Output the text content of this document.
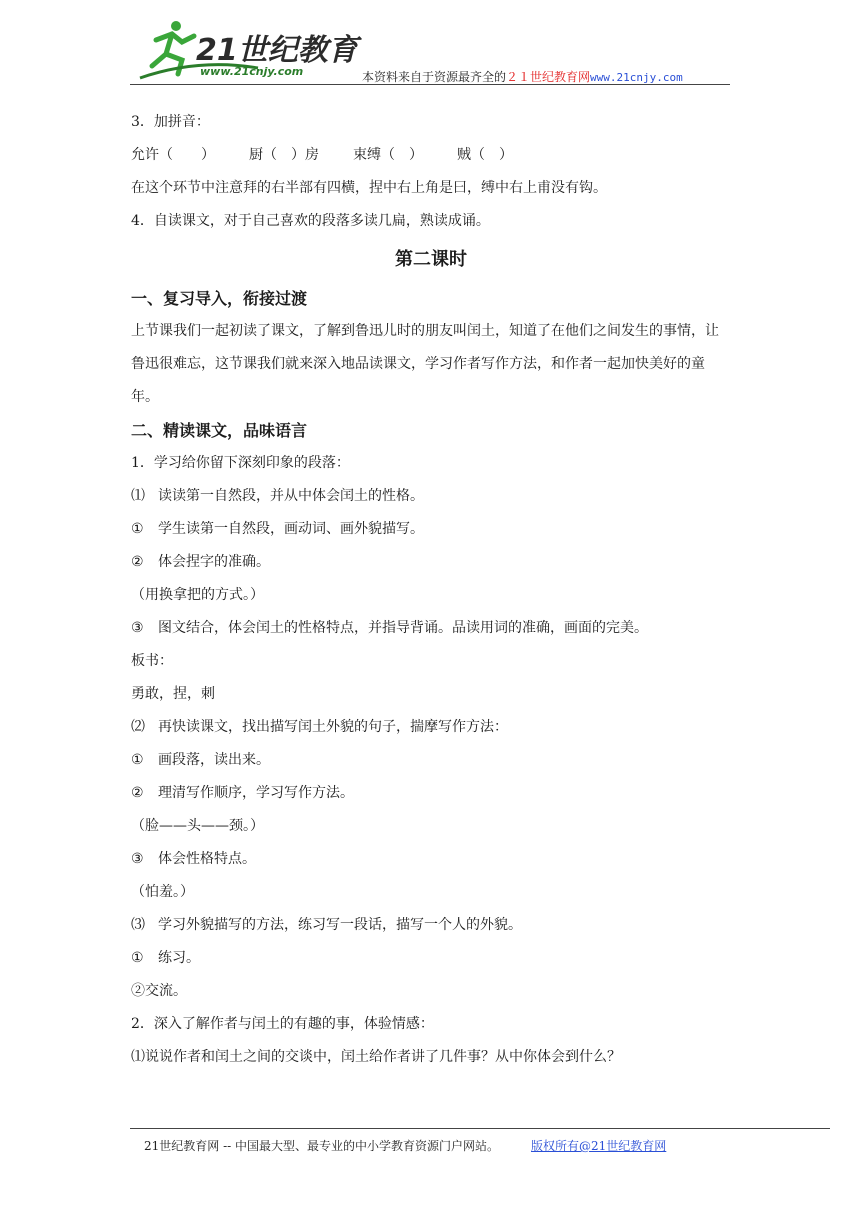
21世纪教育
www.21cnjy.com	本资料来自于资源最齐全的２１世纪教育网www.21cnjy.com
3．加拼音：
允许（　　） 厨（　）房 束缚（　） 贼（　）
在这个环节中注意拜的右半部有四横，捏中右上角是曰，缚中右上甫没有钩。
4．自读课文，对于自己喜欢的段落多读几扁，熟读成诵。
第二课时
一、复习导入，衔接过渡
上节课我们一起初读了课文，了解到鲁迅儿时的朋友叫闰土，知道了在他们之间发生的事情，让鲁迅很难忘，这节课我们就来深入地品读课文，学习作者写作方法，和作者一起加快美好的童年。
二、精读课文，品味语言
1．学习给你留下深刻印象的段落：
⑴ 读读第一自然段，并从中体会闰土的性格。
① 学生读第一自然段，画动词、画外貌描写。
② 体会捏字的准确。
（用换拿把的方式。）
③ 图文结合，体会闰土的性格特点，并指导背诵。品读用词的准确，画面的完美。
板书：
勇敢，捏，刺
⑵ 再快读课文，找出描写闰土外貌的句子，揣摩写作方法：
① 画段落，读出来。
② 理清写作顺序，学习写作方法。
（脸——头——颈。）
③ 体会性格特点。
（怕羞。）
⑶ 学习外貌描写的方法，练习写一段话，描写一个人的外貌。
① 练习。
②交流。
2．深入了解作者与闰土的有趣的事，体验情感：
⑴说说作者和闰土之间的交谈中，闰土给作者讲了几件事？从中你体会到什么？
21世纪教育网 -- 中国最大型、最专业的中小学教育资源门户网站。	版权所有@21世纪教育网
